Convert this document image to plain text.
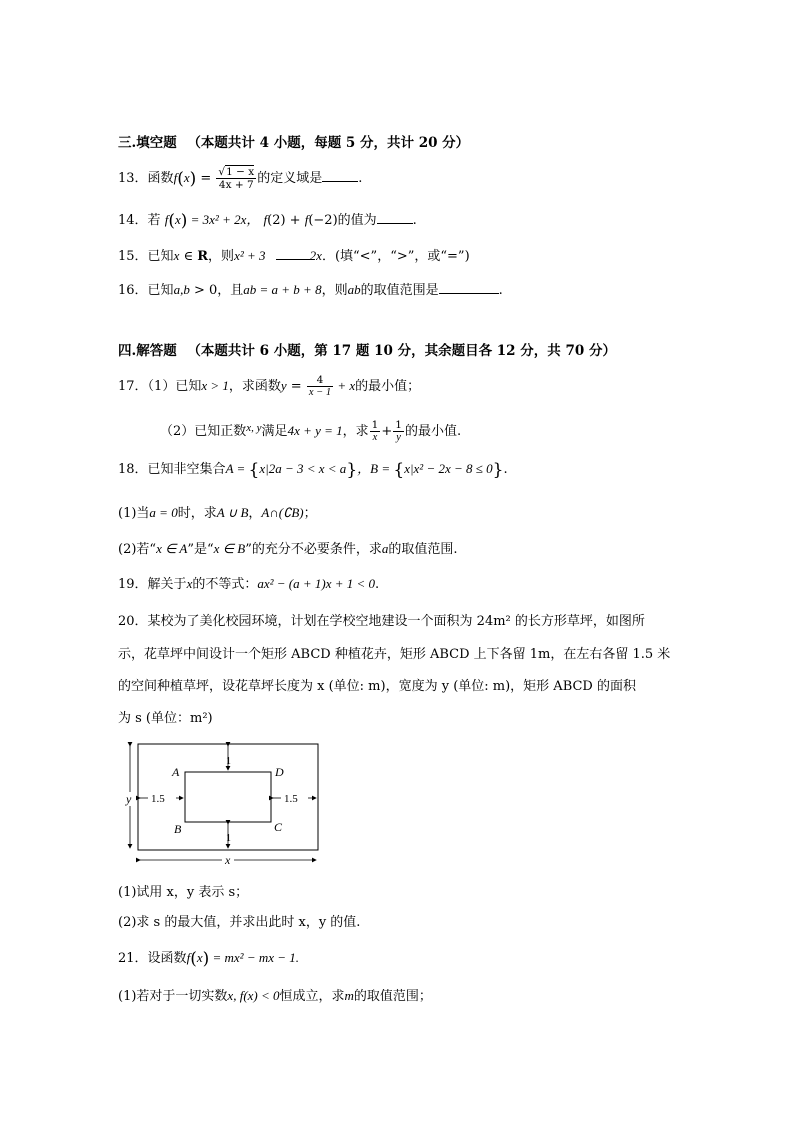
三.填空题 （本题共计 4 小题，每题 5 分，共计 20 分）
13．函数$f(x) = \frac{√1 - x}{4x + 7}$ 的定义域是	.
14．若 f(x) = 3x² + 2x， f(2) + f(−2)的值为	.
15．已知x ∈ R，则x² + 3	2x．(填“<”，“>”，或“=”)
16．已知a,b > 0，且ab = a + b + 8，则ab的取值范围是	.
四.解答题 （本题共计 6 小题，第 17 题 10 分，其余题目各 12 分，共 70 分）
17．（1）已知x > 1，求函数$y = \frac{4}{x - 1} + x$的最小值；
（2）已知正数$^{x, y}$满足4x + y = 1，求 $\frac{1}{x} + \frac{1}{y}$ 的最小值.
18．已知非空集合A = {x|2a − 3 < x < a}，B = {x|x² − 2x − 8 ≤ 0}.
(1)当a = 0时，求A ∪ B，A∩(∁B)；
(2)若“x ∈ A”是“x ∈ B”的充分不必要条件，求a的取值范围.
19．解关于x的不等式：ax² − (a + 1)x + 1 < 0.
20．某校为了美化校园环境，计划在学校空地建设一个面积为 24m² 的长方形草坪，如图所
示，花草坪中间设计一个矩形 ABCD 种植花卉，矩形 ABCD 上下各留 1m，在左右各留 1.5 米
的空间种植草坪，设花草坪长度为 x (单位: m)，宽度为 y (单位: m)，矩形 ABCD 的面积
为 s (单位：m²)
1
1
1.5	1.5
y
x
A	D
B	C
(1)试用 x，y 表示 s；
(2)求 s 的最大值，并求出此时 x，y 的值.
21．设函数f(x) = mx² − mx − 1.
(1)若对于一切实数x, f(x) < 0恒成立，求m的取值范围；
